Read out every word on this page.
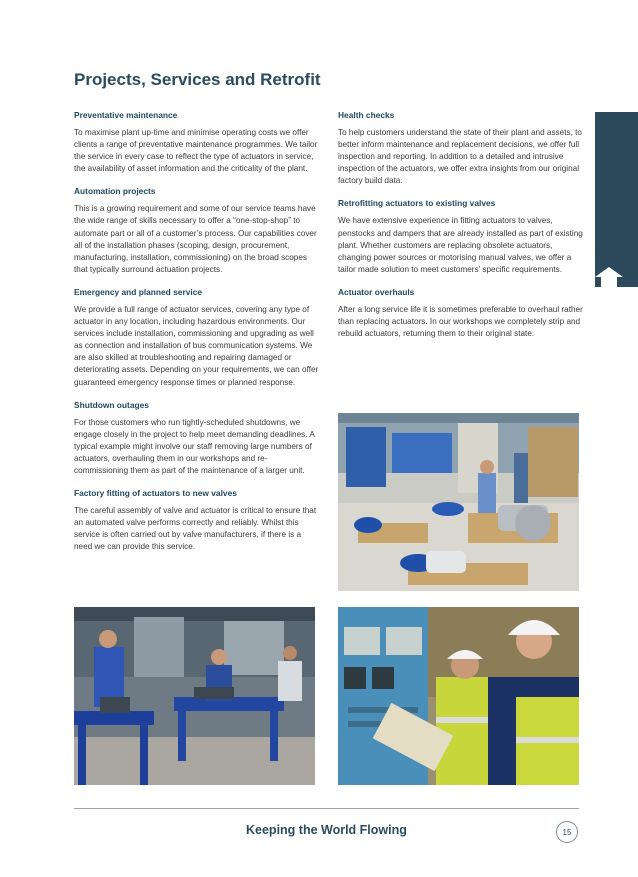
Projects, Services and Retrofit

Preventative maintenance

To maximise plant up-time and minimise operating costs we offer clients a range of preventative maintenance programmes. We tailor the service in every case to reflect the type of actuators in service, the availability of asset information and the criticality of the plant.

Automation projects

This is a growing requirement and some of our service teams have the wide range of skills necessary to offer a “one-stop-shop” to automate part or all of a customer’s process. Our capabilities cover all of the installation phases (scoping, design, procurement, manufacturing, installation, commissioning) on the broad scopes that typically surround actuation projects.

Emergency and planned service

We provide a full range of actuator services, covering any type of actuator in any location, including hazardous environments. Our services include installation, commissioning and upgrading as well as connection and installation of bus communication systems. We are also skilled at troubleshooting and repairing damaged or deteriorating assets. Depending on your requirements, we can offer guaranteed emergency response times or planned response.

Shutdown outages

For those customers who run tightly-scheduled shutdowns, we engage closely in the project to help meet demanding deadlines. A typical example might involve our staff removing large numbers of actuators, overhauling them in our workshops and re-commissioning them as part of the maintenance of a larger unit.

Factory fitting of actuators to new valves

The careful assembly of valve and actuator is critical to ensure that an automated valve performs correctly and reliably. Whilst this service is often carried out by valve manufacturers, if there is a need we can provide this service.

Health checks

To help customers understand the state of their plant and assets, to better inform maintenance and replacement decisions, we offer full inspection and reporting. In addition to a detailed and intrusive inspection of the actuators, we offer extra insights from our original factory build data.

Retrofitting actuators to existing valves

We have extensive experience in fitting actuators to valves, penstocks and dampers that are already installed as part of existing plant. Whether customers are replacing obsolete actuators, changing power sources or motorising manual valves, we offer a tailor made solution to meet customers’ specific requirements.

Actuator overhauls

After a long service life it is sometimes preferable to overhaul rather than replacing actuators. In our workshops we completely strip and rebuild actuators, returning them to their original state.

Keeping the World Flowing	15
